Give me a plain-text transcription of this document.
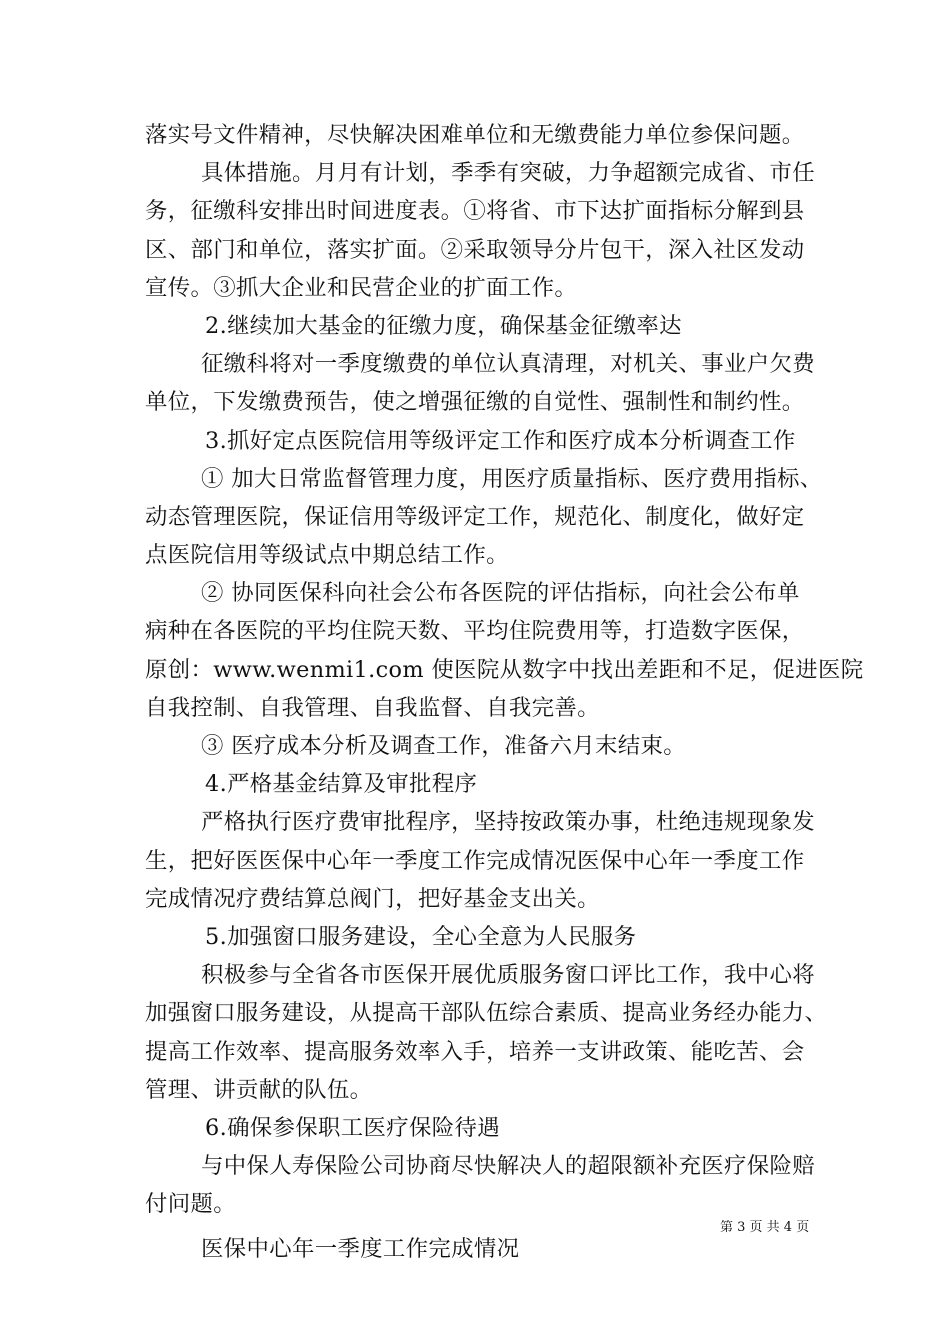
落实号文件精神，尽快解决困难单位和无缴费能力单位参保问题。
具体措施。月月有计划，季季有突破，力争超额完成省、市任
务，征缴科安排出时间进度表。①将省、市下达扩面指标分解到县
区、部门和单位，落实扩面。②采取领导分片包干，深入社区发动
宣传。③抓大企业和民营企业的扩面工作。
2.继续加大基金的征缴力度，确保基金征缴率达
征缴科将对一季度缴费的单位认真清理，对机关、事业户欠费
单位，下发缴费预告，使之增强征缴的自觉性、强制性和制约性。
3.抓好定点医院信用等级评定工作和医疗成本分析调查工作
① 加大日常监督管理力度，用医疗质量指标、医疗费用指标、
动态管理医院，保证信用等级评定工作，规范化、制度化，做好定
点医院信用等级试点中期总结工作。
② 协同医保科向社会公布各医院的评估指标，向社会公布单
病种在各医院的平均住院天数、平均住院费用等，打造数字医保，
原创：www.wenmi1.com 使医院从数字中找出差距和不足，促进医院
自我控制、自我管理、自我监督、自我完善。
③ 医疗成本分析及调查工作，准备六月末结束。
4.严格基金结算及审批程序
严格执行医疗费审批程序，坚持按政策办事，杜绝违规现象发
生，把好医医保中心年一季度工作完成情况医保中心年一季度工作
完成情况疗费结算总阀门，把好基金支出关。
5.加强窗口服务建设，全心全意为人民服务
积极参与全省各市医保开展优质服务窗口评比工作，我中心将
加强窗口服务建设，从提高干部队伍综合素质、提高业务经办能力、
提高工作效率、提高服务效率入手，培养一支讲政策、能吃苦、会
管理、讲贡献的队伍。
6.确保参保职工医疗保险待遇
与中保人寿保险公司协商尽快解决人的超限额补充医疗保险赔
付问题。
医保中心年一季度工作完成情况
第 3 页 共 4 页
